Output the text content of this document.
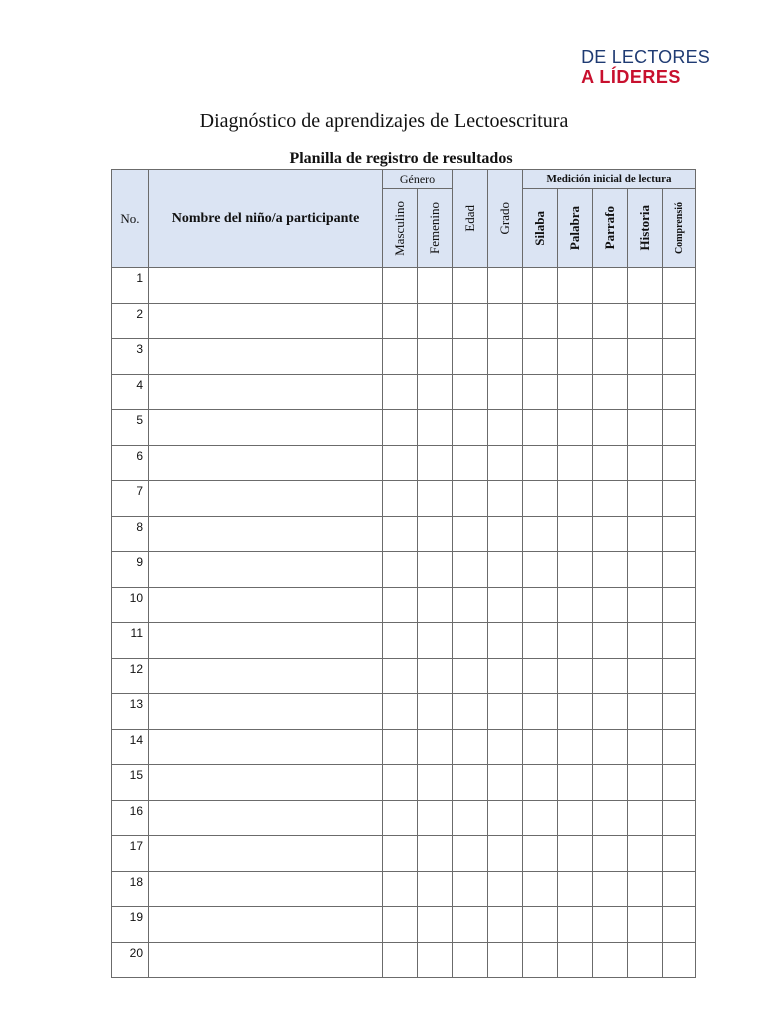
DE LECTORES
A LÍDERES
Diagnóstico de aprendizajes de Lectoescritura
Planilla de registro de resultados
No.	Nombre del niño/a participante	Género		Edad	Grado	Medición inicial de lectura				

		Masculino	Femenino			Silaba	Palabra	Parrafo	Historia	Comprensió

1										
2										
3										
4										
5										
6										
7										
8										
9										
10										
11										
12										
13										
14										
15										
16										
17										
18										
19										
20										
